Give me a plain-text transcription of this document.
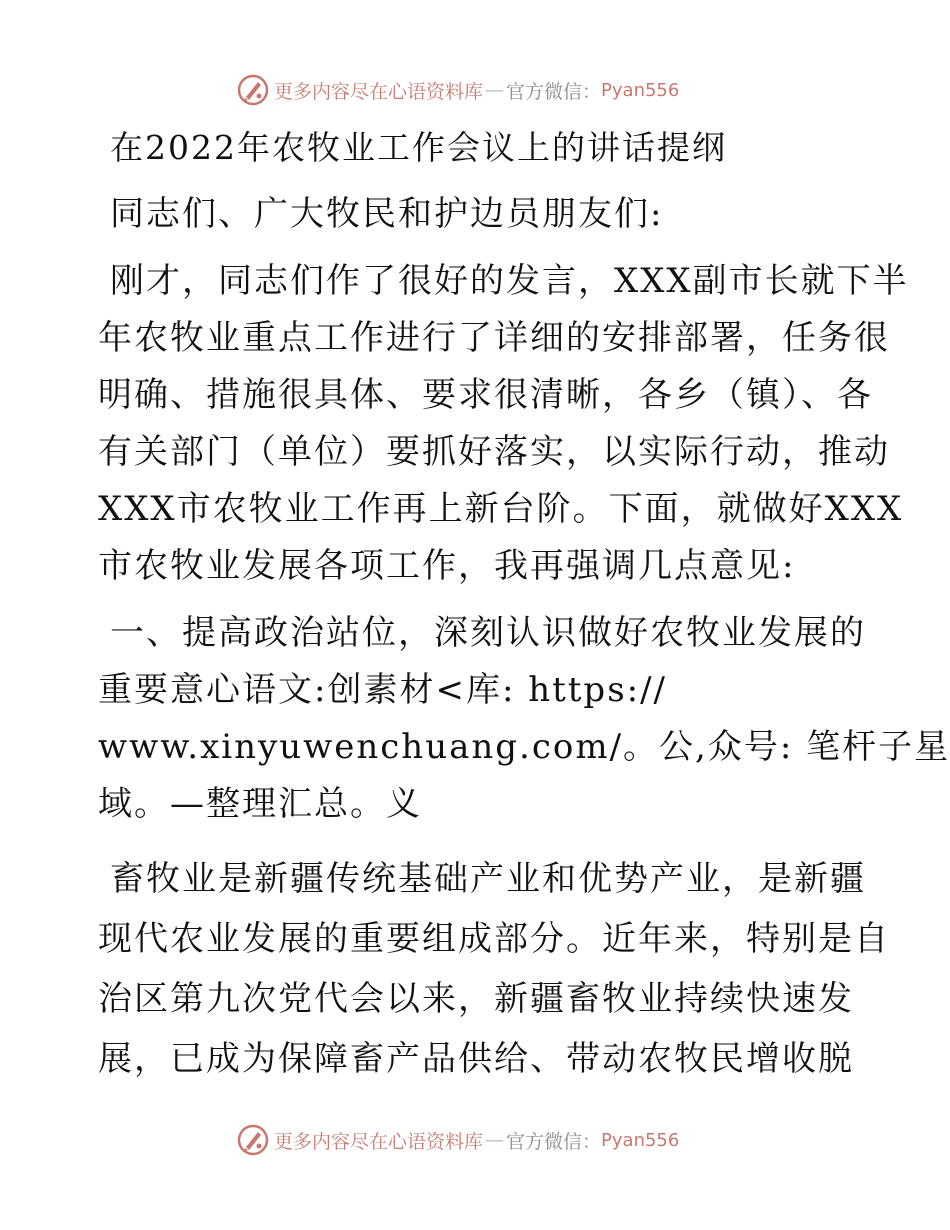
更多内容尽在心语资料库 — 官方微信： Pyan556
在2022年农牧业工作会议上的讲话提纲
同志们、广大牧民和护边员朋友们:
刚才，同志们作了很好的发言，XXX副市长就下半
年农牧业重点工作进行了详细的安排部署，任务很
明确、措施很具体、要求很清晰，各乡（镇）、各
有关部门（单位）要抓好落实，以实际行动，推动
XXX市农牧业工作再上新台阶。下面，就做好XXX
市农牧业发展各项工作，我再强调几点意见:
一、提高政治站位，深刻认识做好农牧业发展的
重要意心语文:创素材<库: https://
www.xinyuwenchuang.com/。公,众号: 笔杆子星
域。—整理汇总。义
畜牧业是新疆传统基础产业和优势产业，是新疆
现代农业发展的重要组成部分。近年来，特别是自
治区第九次党代会以来，新疆畜牧业持续快速发
展，已成为保障畜产品供给、带动农牧民增收脱
更多内容尽在心语资料库 — 官方微信： Pyan556
